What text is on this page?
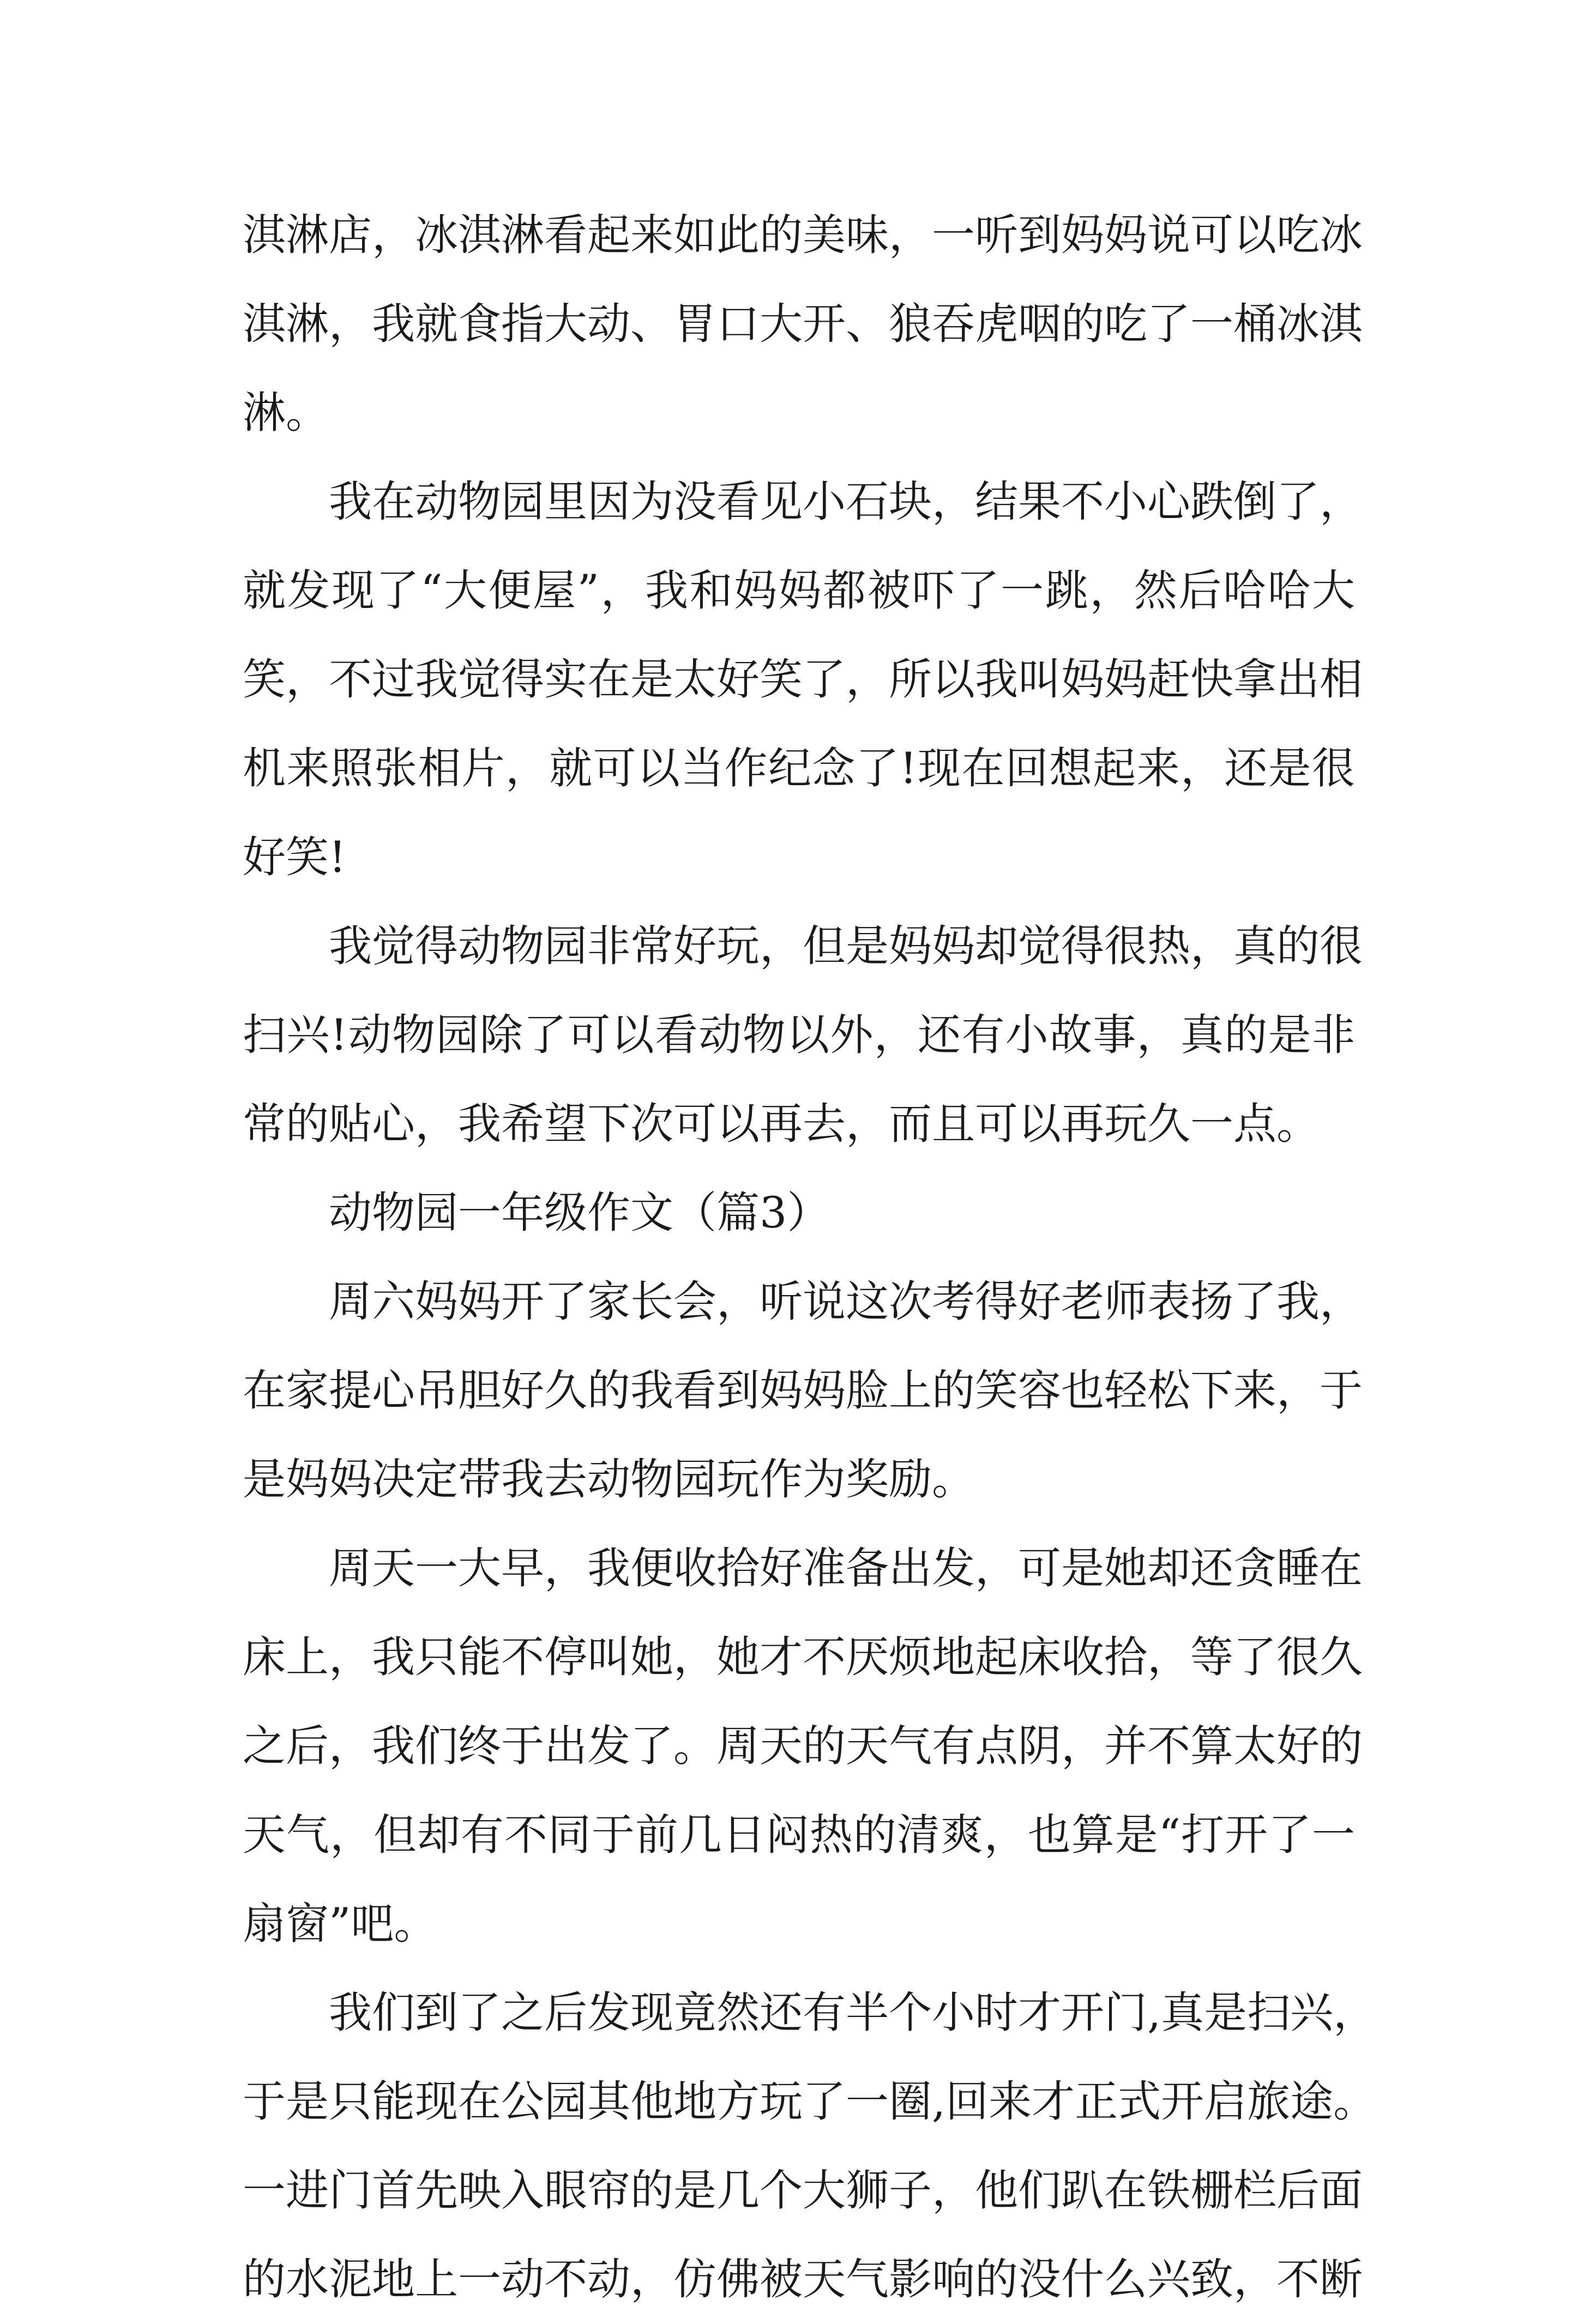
淇淋店，冰淇淋看起来如此的美味，一听到妈妈说可以吃冰
淇淋，我就食指大动、胃口大开、狼吞虎咽的吃了一桶冰淇
淋。
我在动物园里因为没看见小石块，结果不小心跌倒了，
就发现了“大便屋”，我和妈妈都被吓了一跳，然后哈哈大
笑，不过我觉得实在是太好笑了，所以我叫妈妈赶快拿出相
机来照张相片，就可以当作纪念了!现在回想起来，还是很
好笑!
我觉得动物园非常好玩，但是妈妈却觉得很热，真的很
扫兴!动物园除了可以看动物以外，还有小故事，真的是非
常的贴心，我希望下次可以再去，而且可以再玩久一点。
动物园一年级作文（篇3）
周六妈妈开了家长会，听说这次考得好老师表扬了我，
在家提心吊胆好久的我看到妈妈脸上的笑容也轻松下来，于
是妈妈决定带我去动物园玩作为奖励。
周天一大早，我便收拾好准备出发，可是她却还贪睡在
床上，我只能不停叫她，她才不厌烦地起床收拾，等了很久
之后，我们终于出发了。周天的天气有点阴，并不算太好的
天气，但却有不同于前几日闷热的清爽，也算是“打开了一
扇窗”吧。
我们到了之后发现竟然还有半个小时才开门,真是扫兴，
于是只能现在公园其他地方玩了一圈,回来才正式开启旅途。
一进门首先映入眼帘的是几个大狮子，他们趴在铁栅栏后面
的水泥地上一动不动，仿佛被天气影响的没什么兴致，不断
